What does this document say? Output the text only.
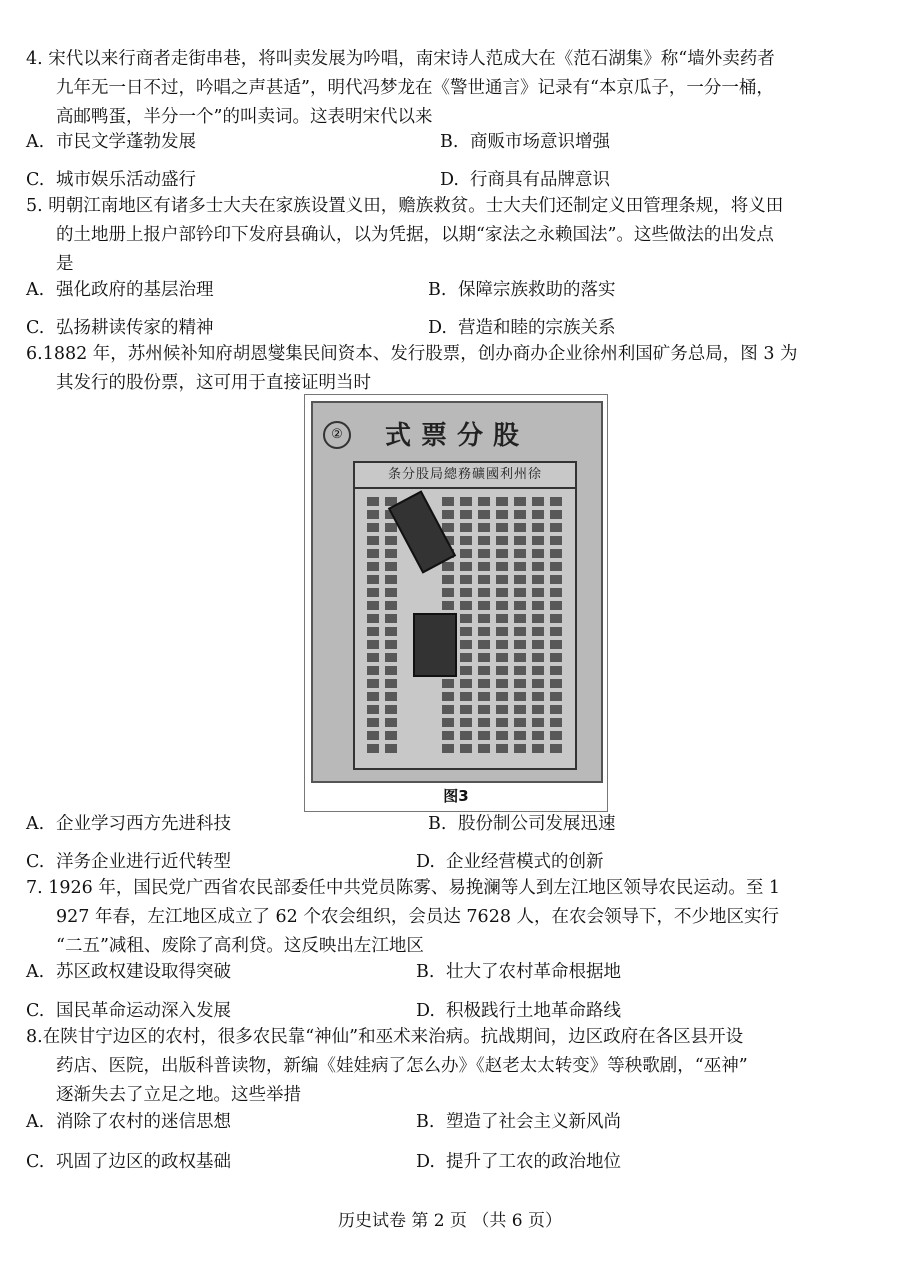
4. 宋代以来行商者走街串巷，将叫卖发展为吟唱，南宋诗人范成大在《范石湖集》称“墙外卖药者
九年无一日不过，吟唱之声甚适”，明代冯梦龙在《警世通言》记录有“本京瓜子，一分一桶，
高邮鸭蛋，半分一个”的叫卖词。这表明宋代以来
A. 市民文学蓬勃发展	B. 商贩市场意识增强
C. 城市娱乐活动盛行	D. 行商具有品牌意识
5. 明朝江南地区有诸多士大夫在家族设置义田，赡族救贫。士大夫们还制定义田管理条规，将义田
的土地册上报户部钤印下发府县确认，以为凭据，以期“家法之永赖国法”。这些做法的出发点
是
A. 强化政府的基层治理	B. 保障宗族救助的落实
C. 弘扬耕读传家的精神	D. 营造和睦的宗族关系
6.1882 年，苏州候补知府胡恩燮集民间资本、发行股票，创办商办企业徐州利国矿务总局，图 3 为
其发行的股份票，这可用于直接证明当时
②	式票分股
条分股局總務礦國利州徐
图3
A. 企业学习西方先进科技	B. 股份制公司发展迅速
C. 洋务企业进行近代转型	D. 企业经营模式的创新
7. 1926 年，国民党广西省农民部委任中共党员陈雾、易挽澜等人到左江地区领导农民运动。至 1
927 年春，左江地区成立了 62 个农会组织，会员达 7628 人，在农会领导下，不少地区实行
“二五”减租、废除了高利贷。这反映出左江地区
A. 苏区政权建设取得突破	B. 壮大了农村革命根据地
C. 国民革命运动深入发展	D. 积极践行土地革命路线
8.在陕甘宁边区的农村，很多农民靠“神仙”和巫术来治病。抗战期间，边区政府在各区县开设
药店、医院，出版科普读物，新编《娃娃病了怎么办》《赵老太太转变》等秧歌剧，“巫神”
逐渐失去了立足之地。这些举措
A. 消除了农村的迷信思想	B. 塑造了社会主义新风尚
C. 巩固了边区的政权基础	D. 提升了工农的政治地位
历史试卷 第 2 页 （共 6 页）
